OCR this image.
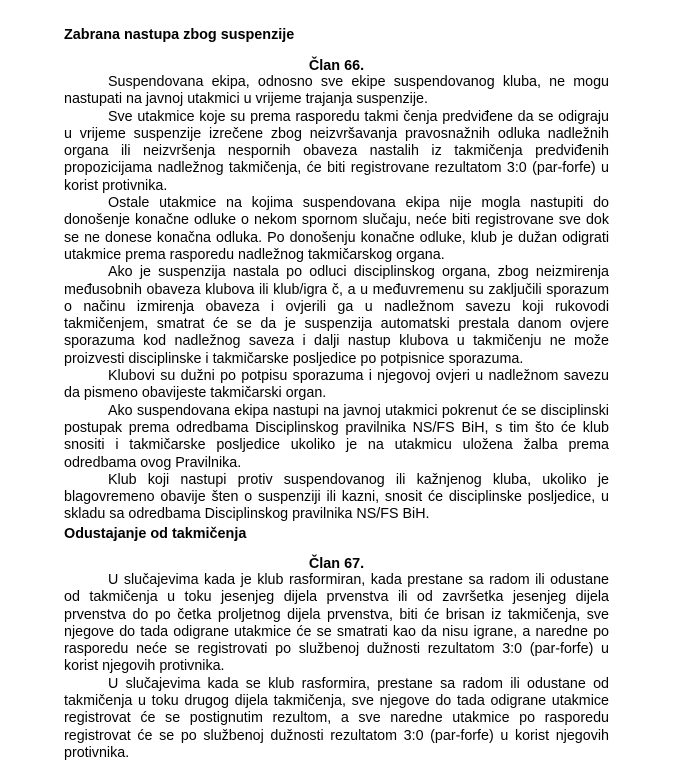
Zabrana nastupa zbog suspenzije
Član 66.
Suspendovana ekipa, odnosno sve ekipe suspendovanog kluba, ne mogu
nastupati na javnoj utakmici u vrijeme trajanja suspenzije.
Sve utakmice koje su prema rasporedu takmi čenja predviđene da se odigraju
u vrijeme suspenzije izrečene zbog neizvršavanja pravosnažnih odluka nadležnih
organa ili neizvršenja nespornih obaveza nastalih iz takmičenja predviđenih
propozicijama nadležnog takmičenja, će biti registrovane rezultatom 3:0 (par-forfe) u
korist protivnika.
Ostale utakmice na kojima suspendovana ekipa nije mogla nastupiti do
donošenje konačne odluke o nekom spornom slučaju, neće biti registrovane sve dok
se ne donese konačna odluka. Po donošenju konačne odluke, klub je dužan odigrati
utakmice prema rasporedu nadležnog takmičarskog organa.
Ako je suspenzija nastala po odluci disciplinskog organa, zbog neizmirenja
međusobnih obaveza klubova ili klub/igra č, a u međuvremenu su zaključili sporazum
o načinu izmirenja obaveza i ovjerili ga u nadležnom savezu koji rukovodi
takmičenjem, smatrat će se da je suspenzija automatski prestala danom ovjere
sporazuma kod nadležnog saveza i dalji nastup klubova u takmičenju ne može
proizvesti disciplinske i takmičarske posljedice po potpisnice sporazuma.
Klubovi su dužni po potpisu sporazuma i njegovoj ovjeri u nadležnom savezu
da pismeno obavijeste takmičarski organ.
Ako suspendovana ekipa nastupi na javnoj utakmici pokrenut će se disciplinski
postupak prema odredbama Disciplinskog pravilnika NS/FS BiH, s tim što će klub
snositi i takmičarske posljedice ukoliko je na utakmicu uložena žalba prema
odredbama ovog Pravilnika.
Klub koji nastupi protiv suspendovanog ili kažnjenog kluba, ukoliko je
blagovremeno obavije šten o suspenziji ili kazni, snosit će disciplinske posljedice, u
skladu sa odredbama Disciplinskog pravilnika NS/FS BiH.
Odustajanje od takmičenja
Član 67.
U slučajevima kada je klub rasformiran, kada prestane sa radom ili odustane
od takmičenja u toku jesenjeg dijela prvenstva ili od završetka jesenjeg dijela
prvenstva do po četka proljetnog dijela prvenstva, biti će brisan iz takmičenja, sve
njegove do tada odigrane utakmice će se smatrati kao da nisu igrane, a naredne po
rasporedu neće se registrovati po službenoj dužnosti rezultatom 3:0 (par-forfe) u
korist njegovih protivnika.
U slučajevima kada se klub rasformira, prestane sa radom ili odustane od
takmičenja u toku drugog dijela takmičenja, sve njegove do tada odigrane utakmice
registrovat će se postignutim rezultom, a sve naredne utakmice po rasporedu
registrovat će se po službenoj dužnosti rezultatom 3:0 (par-forfe) u korist njegovih
protivnika.
